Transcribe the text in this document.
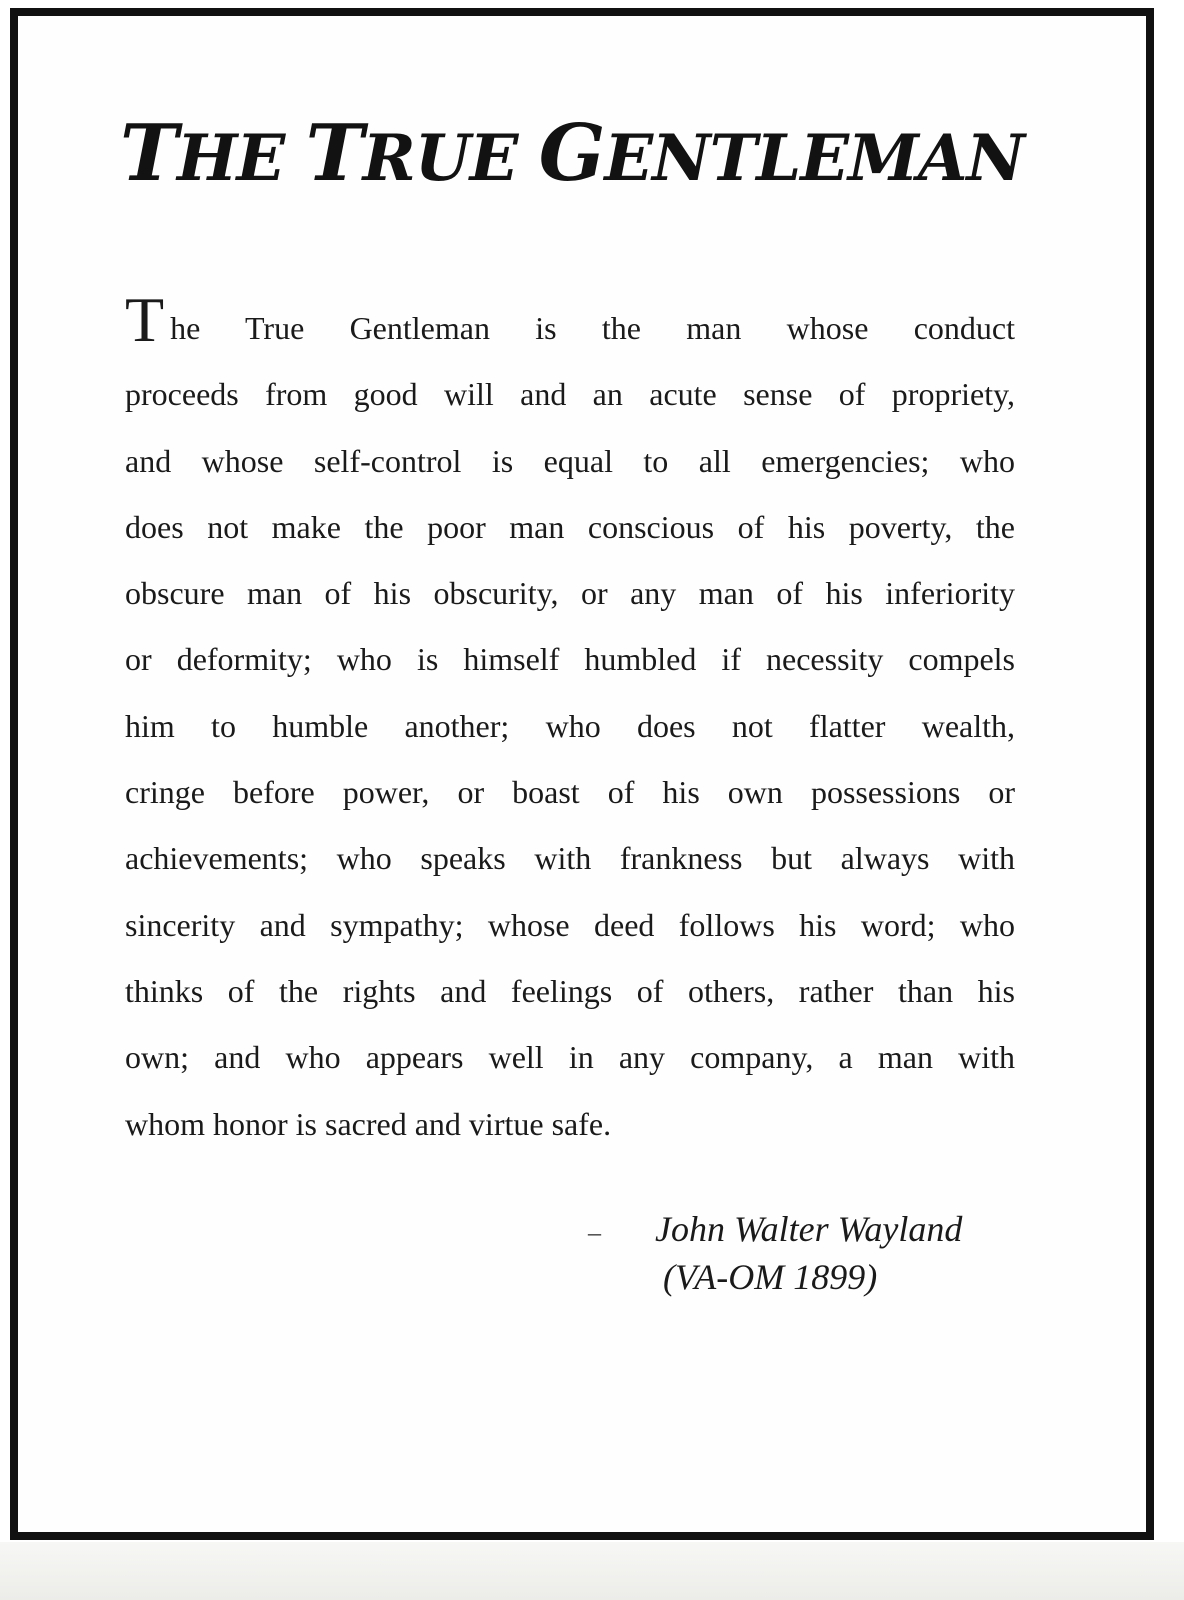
THE TRUE GENTLEMAN
The True Gentleman is the man whose conduct
proceeds from good will and an acute sense of propriety,
and whose self-control is equal to all emergencies; who
does not make the poor man conscious of his poverty, the
obscure man of his obscurity, or any man of his inferiority
or deformity; who is himself humbled if necessity compels
him to humble another; who does not flatter wealth,
cringe before power, or boast of his own possessions or
achievements; who speaks with frankness but always with
sincerity and sympathy; whose deed follows his word; who
thinks of the rights and feelings of others, rather than his
own; and who appears well in any company, a man with
whom honor is sacred and virtue safe.
– John Walter Wayland
(VA-OM 1899)
